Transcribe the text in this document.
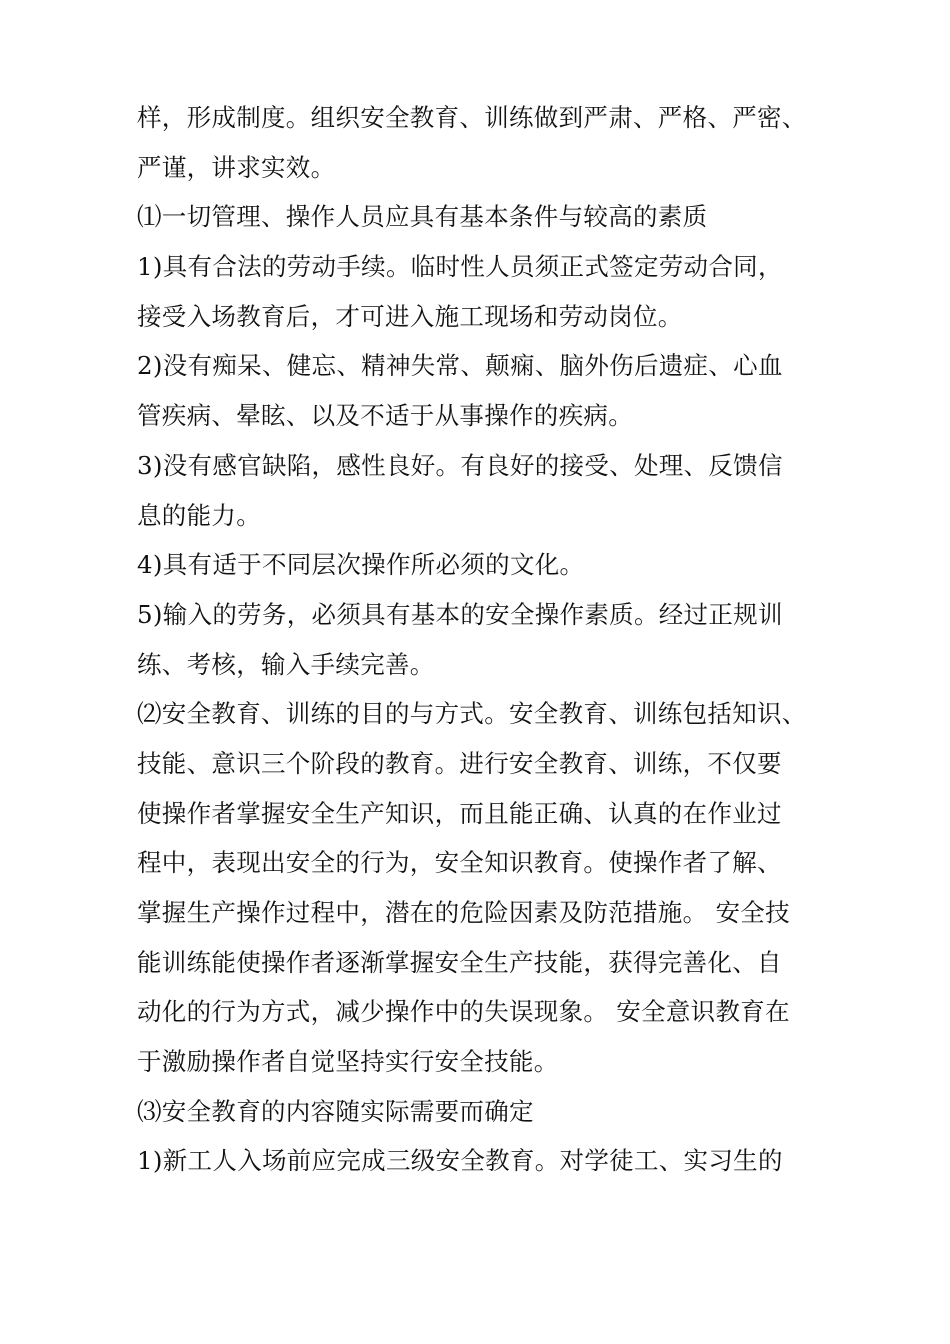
样，形成制度。组织安全教育、训练做到严肃、严格、严密、
严谨，讲求实效。
⑴一切管理、操作人员应具有基本条件与较高的素质
1)具有合法的劳动手续。临时性人员须正式签定劳动合同，
接受入场教育后，才可进入施工现场和劳动岗位。
2)没有痴呆、健忘、精神失常、颠痫、脑外伤后遗症、心血
管疾病、晕眩、以及不适于从事操作的疾病。
3)没有感官缺陷，感性良好。有良好的接受、处理、反馈信
息的能力。
4)具有适于不同层次操作所必须的文化。
5)输入的劳务，必须具有基本的安全操作素质。经过正规训
练、考核，输入手续完善。
⑵安全教育、训练的目的与方式。安全教育、训练包括知识、
技能、意识三个阶段的教育。进行安全教育、训练，不仅要
使操作者掌握安全生产知识，而且能正确、认真的在作业过
程中，表现出安全的行为，安全知识教育。使操作者了解、
掌握生产操作过程中，潜在的危险因素及防范措施。 安全技
能训练能使操作者逐渐掌握安全生产技能，获得完善化、自
动化的行为方式，减少操作中的失误现象。 安全意识教育在
于激励操作者自觉坚持实行安全技能。
⑶安全教育的内容随实际需要而确定
1)新工人入场前应完成三级安全教育。对学徒工、实习生的
